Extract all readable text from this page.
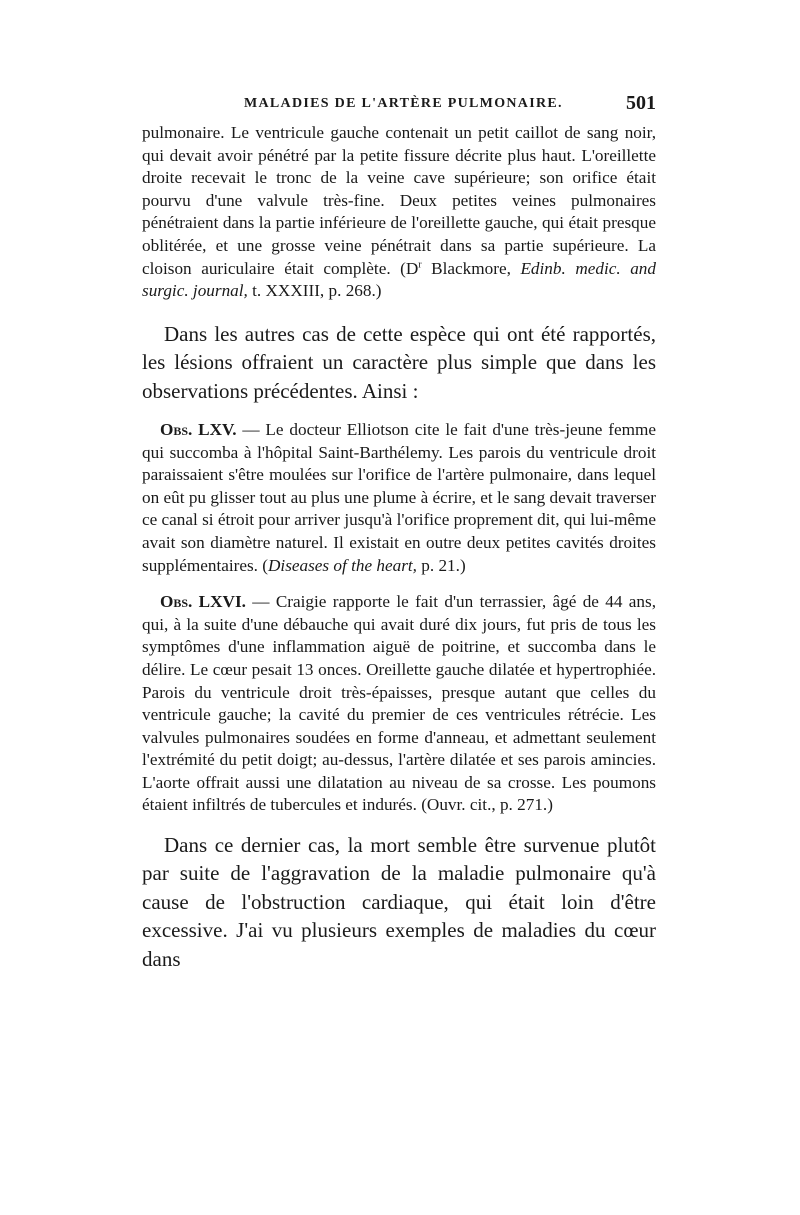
MALADIES DE L'ARTÈRE PULMONAIRE.	501

pulmonaire. Le ventricule gauche contenait un petit caillot de sang noir, qui devait avoir pénétré par la petite fissure décrite plus haut. L'oreillette droite recevait le tronc de la veine cave supérieure; son orifice était pourvu d'une valvule très-fine. Deux petites veines pulmonaires pénétraient dans la partie inférieure de l'oreillette gauche, qui était presque oblitérée, et une grosse veine pénétrait dans sa partie supérieure. La cloison auriculaire était complète. ($D^r$ Blackmore, Edinb. medic. and surgic. journal, t. XXXIII, p. 268.)

Dans les autres cas de cette espèce qui ont été rapportés, les lésions offraient un caractère plus simple que dans les observations précédentes. Ainsi :

Obs. LXV. — Le docteur Elliotson cite le fait d'une très-jeune femme qui succomba à l'hôpital Saint-Barthélemy. Les parois du ventricule droit paraissaient s'être moulées sur l'orifice de l'artère pulmonaire, dans lequel on eût pu glisser tout au plus une plume à écrire, et le sang devait traverser ce canal si étroit pour arriver jusqu'à l'orifice proprement dit, qui lui-même avait son diamètre naturel. Il existait en outre deux petites cavités droites supplémentaires. (Diseases of the heart, p. 21.)

Obs. LXVI. — Craigie rapporte le fait d'un terrassier, âgé de 44 ans, qui, à la suite d'une débauche qui avait duré dix jours, fut pris de tous les symptômes d'une inflammation aiguë de poitrine, et succomba dans le délire. Le cœur pesait 13 onces. Oreillette gauche dilatée et hypertrophiée. Parois du ventricule droit très-épaisses, presque autant que celles du ventricule gauche; la cavité du premier de ces ventricules rétrécie. Les valvules pulmonaires soudées en forme d'anneau, et admettant seulement l'extrémité du petit doigt; au-dessus, l'artère dilatée et ses parois amincies. L'aorte offrait aussi une dilatation au niveau de sa crosse. Les poumons étaient infiltrés de tubercules et indurés. (Ouvr. cit., p. 271.)

Dans ce dernier cas, la mort semble être survenue plutôt par suite de l'aggravation de la maladie pulmonaire qu'à cause de l'obstruction cardiaque, qui était loin d'être excessive. J'ai vu plusieurs exemples de maladies du cœur dans
